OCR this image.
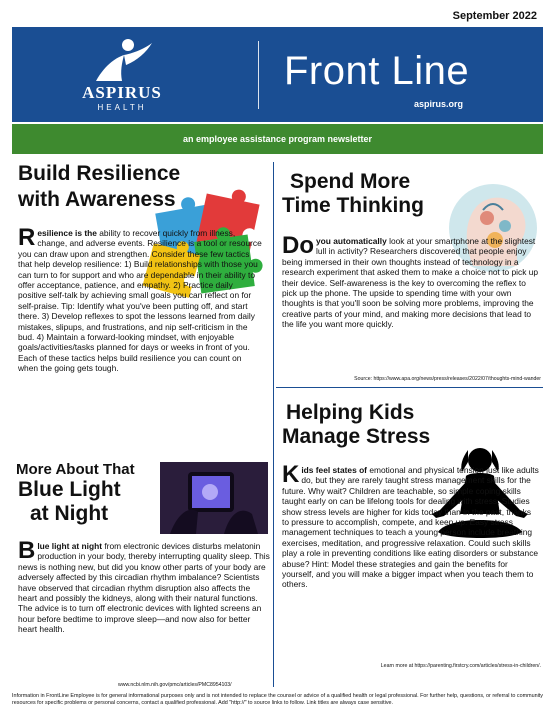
September 2022
ASPIRUS
HEALTH
Front Line
aspirus.org
an employee assistance program newsletter
Build Resilience
with Awareness

R esilience is the ability to recover quickly from illness, change, and adverse events. Resilience is a tool or resource you can draw upon and strengthen. Consider these few tactics that help develop resilience: 1) Build relationships with those you can turn to for support and who are dependable in their ability to offer acceptance, patience, and empathy. 2) Practice daily positive self-talk by achieving small goals you can reflect on for self-praise. Tip: Identify what you've been putting off, and start there. 3) Develop reflexes to spot the lessons learned from daily mistakes, slipups, and frustrations, and nip self-criticism in the bud. 4) Maintain a forward-looking mindset, with enjoyable goals/activities/tasks planned for days or weeks in front of you. Each of these tactics helps build resilience you can count on when the going gets tough.

Spend More
Time Thinking

Do you automatically look at your smartphone at the slightest lull in activity? Researchers discovered that people enjoy being immersed in their own thoughts instead of technology in a research experiment that asked them to make a choice not to pick up their device. Self-awareness is the key to overcoming the reflex to pick up the phone. The upside to spending time with your own thoughts is that you'll soon be solving more problems, improving the creative parts of your mind, and making more decisions that lead to the life you want more quickly.

Source: https://www.apa.org/news/press/releases/2022/07/thoughts-mind-wander
More About That
Blue Light
at Night

B lue light at night from electronic devices disturbs melatonin production in your body, thereby interrupting quality sleep. This news is nothing new, but did you know other parts of your body are adversely affected by this circadian rhythm imbalance? Scientists have observed that circadian rhythm disruption also affects the heart and possibly the kidneys, along with their natural functions. The advice is to turn off electronic devices with lighted screens an hour before bedtime to improve sleep—and now also for better heart health.

www.ncbi.nlm.nih.gov/pmc/articles/PMC8954103/
Helping Kids
Manage Stress

K ids feel states of emotional and physical tension just like adults do, but they are rarely taught stress management skills for the future. Why wait? Children are teachable, so simple coping skills taught early on can be lifelong tools for dealing with stress. Studies show stress levels are higher for kids today than in the past, thanks to pressure to accomplish, compete, and keep up. Easy stress management techniques to teach a young person include breathing exercises, meditation, and progressive relaxation. Could such skills play a role in preventing conditions like eating disorders or substance abuse? Hint: Model these strategies and gain the benefits for yourself, and you will make a bigger impact when you teach them to others.

Learn more at https://parenting.firstcry.com/articles/stress-in-children/.
Information in FrontLine Employee is for general informational purposes only and is not intended to replace the counsel or advice of a qualified health or legal professional. For further help, questions, or referral to community resources for specific problems or personal concerns, contact a qualified professional. Add "http://" to source links to follow. Link titles are always case sensitive.
